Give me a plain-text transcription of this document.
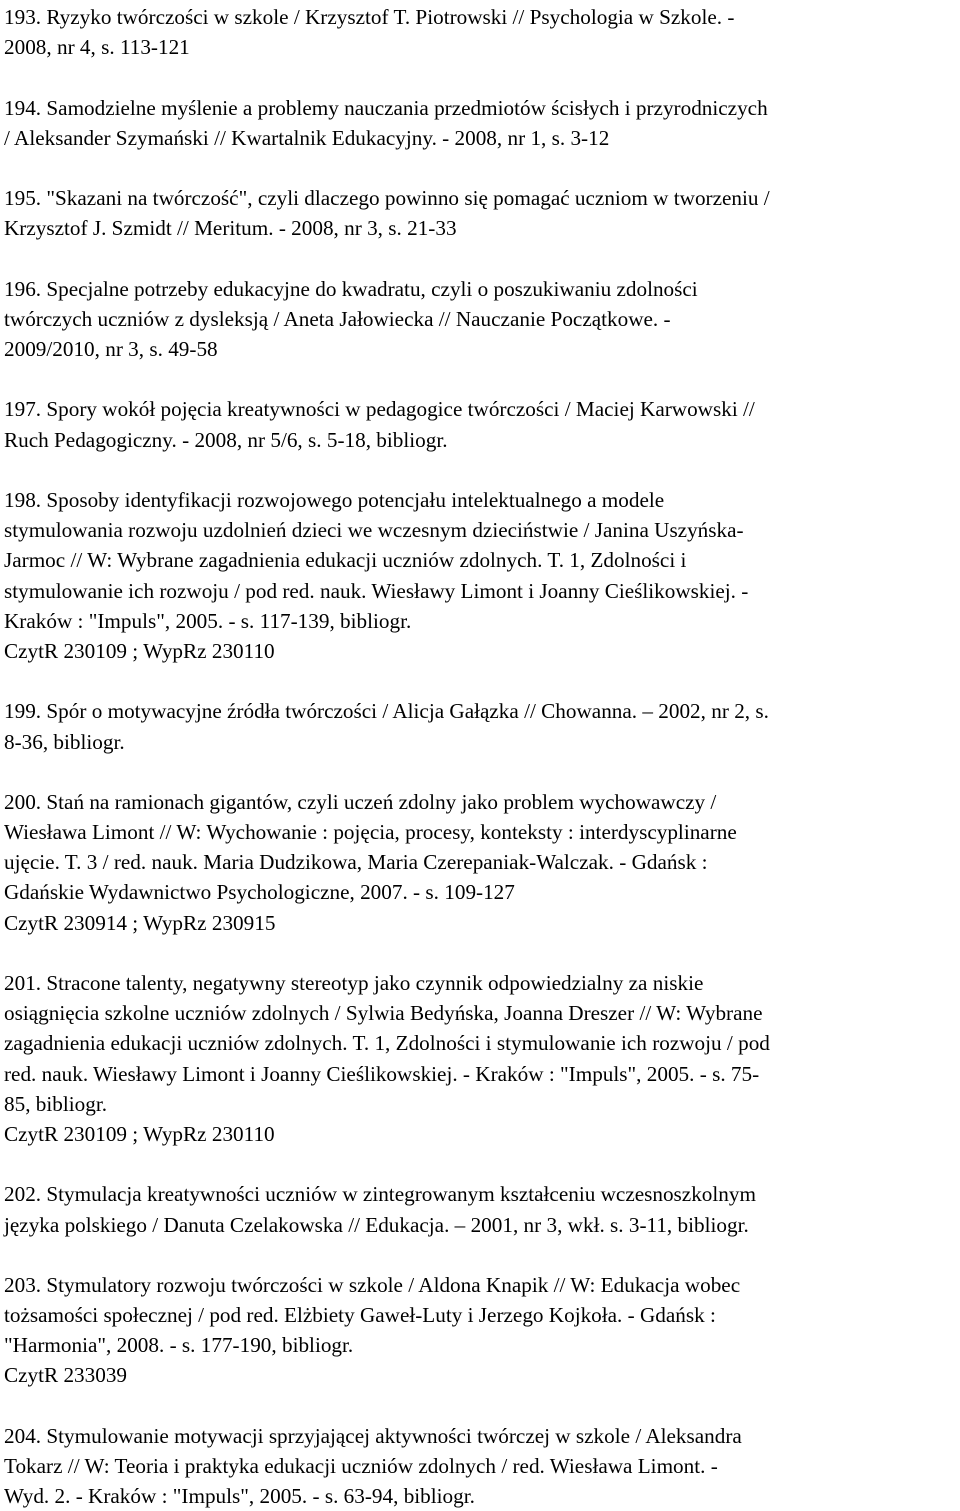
193. Ryzyko twórczości w szkole / Krzysztof T. Piotrowski // Psychologia w Szkole. -
2008, nr 4, s. 113-121
194. Samodzielne myślenie a problemy nauczania przedmiotów ścisłych i przyrodniczych
/ Aleksander Szymański // Kwartalnik Edukacyjny. - 2008, nr 1, s. 3-12
195. "Skazani na twórczość", czyli dlaczego powinno się pomagać uczniom w tworzeniu /
Krzysztof J. Szmidt // Meritum. - 2008, nr 3, s. 21-33
196. Specjalne potrzeby edukacyjne do kwadratu, czyli o poszukiwaniu zdolności
twórczych uczniów z dysleksją / Aneta Jałowiecka // Nauczanie Początkowe. -
2009/2010, nr 3, s. 49-58
197. Spory wokół pojęcia kreatywności w pedagogice twórczości / Maciej Karwowski //
Ruch Pedagogiczny. - 2008, nr 5/6, s. 5-18, bibliogr.
198. Sposoby identyfikacji rozwojowego potencjału intelektualnego a modele
stymulowania rozwoju uzdolnień dzieci we wczesnym dzieciństwie / Janina Uszyńska-
Jarmoc // W: Wybrane zagadnienia edukacji uczniów zdolnych. T. 1, Zdolności i
stymulowanie ich rozwoju / pod red. nauk. Wiesławy Limont i Joanny Cieślikowskiej. -
Kraków : "Impuls", 2005. - s. 117-139, bibliogr.
CzytR 230109 ; WypRz 230110
199. Spór o motywacyjne źródła twórczości / Alicja Gałązka // Chowanna. – 2002, nr 2, s.
8-36, bibliogr.
200. Stań na ramionach gigantów, czyli uczeń zdolny jako problem wychowawczy /
Wiesława Limont // W: Wychowanie : pojęcia, procesy, konteksty : interdyscyplinarne
ujęcie. T. 3 / red. nauk. Maria Dudzikowa, Maria Czerepaniak-Walczak. - Gdańsk :
Gdańskie Wydawnictwo Psychologiczne, 2007. - s. 109-127
CzytR 230914 ; WypRz 230915
201. Stracone talenty, negatywny stereotyp jako czynnik odpowiedzialny za niskie
osiągnięcia szkolne uczniów zdolnych / Sylwia Bedyńska, Joanna Dreszer // W: Wybrane
zagadnienia edukacji uczniów zdolnych. T. 1, Zdolności i stymulowanie ich rozwoju / pod
red. nauk. Wiesławy Limont i Joanny Cieślikowskiej. - Kraków : "Impuls", 2005. - s. 75-
85, bibliogr.
CzytR 230109 ; WypRz 230110
202. Stymulacja kreatywności uczniów w zintegrowanym kształceniu wczesnoszkolnym
języka polskiego / Danuta Czelakowska // Edukacja. – 2001, nr 3, wkł. s. 3-11, bibliogr.
203. Stymulatory rozwoju twórczości w szkole / Aldona Knapik // W: Edukacja wobec
tożsamości społecznej / pod red. Elżbiety Gaweł-Luty i Jerzego Kojkoła. - Gdańsk :
"Harmonia", 2008. - s. 177-190, bibliogr.
CzytR 233039
204. Stymulowanie motywacji sprzyjającej aktywności twórczej w szkole / Aleksandra
Tokarz // W: Teoria i praktyka edukacji uczniów zdolnych / red. Wiesława Limont. -
Wyd. 2. - Kraków : "Impuls", 2005. - s. 63-94, bibliogr.
